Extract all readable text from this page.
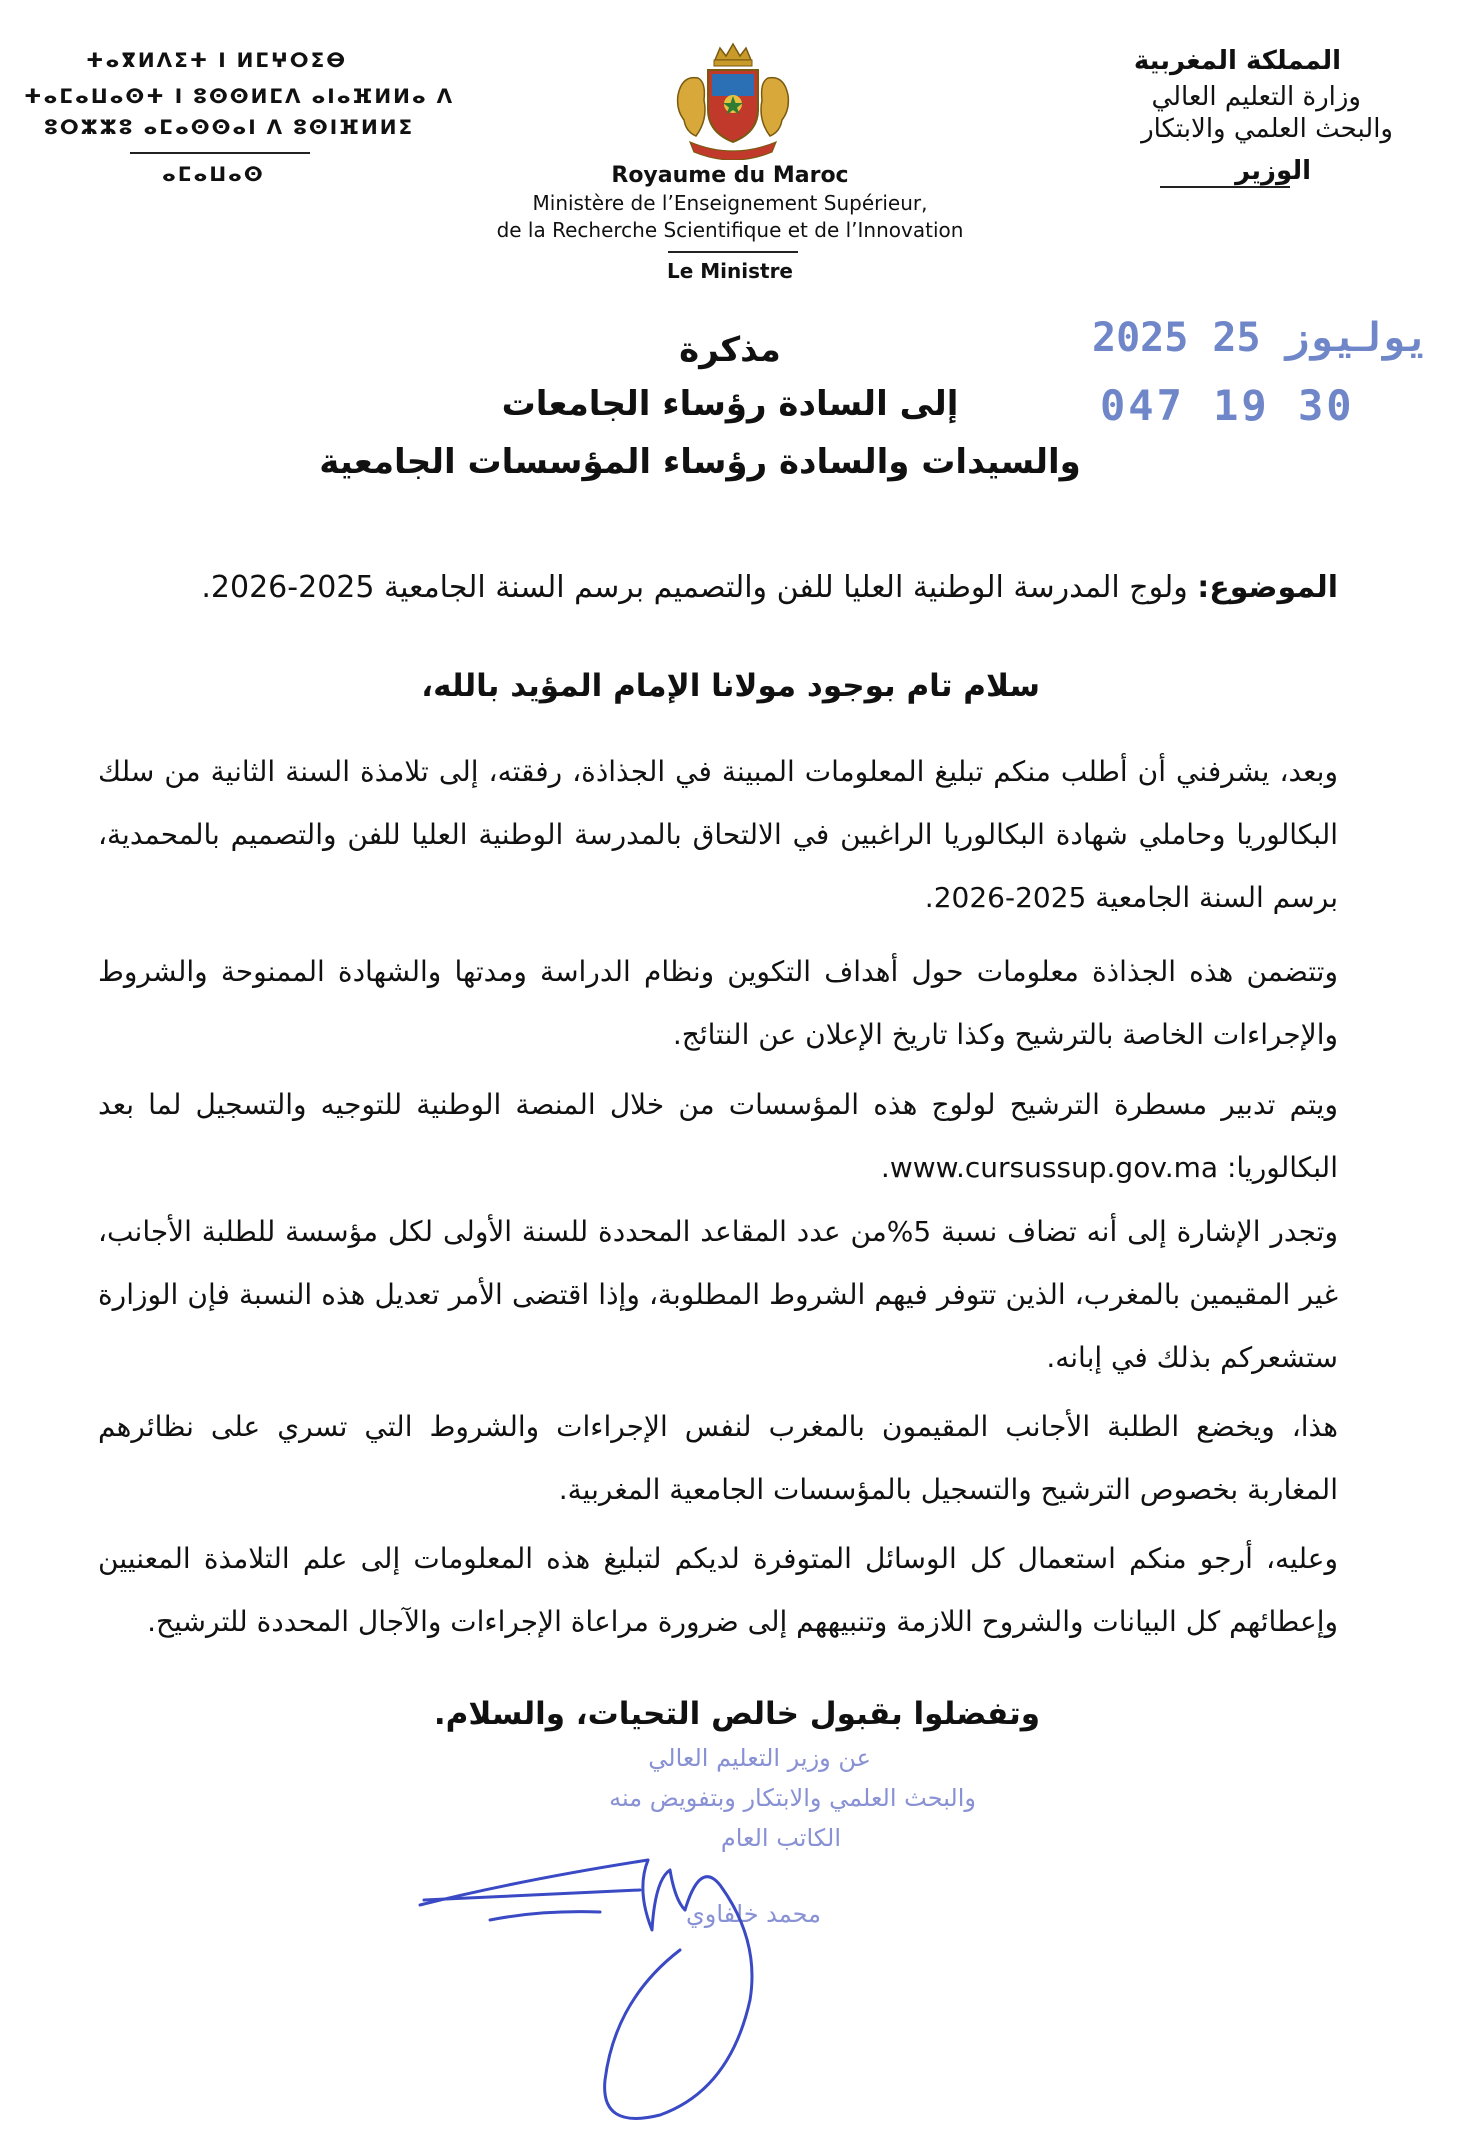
ⵜⴰⴳⵍⴷⵉⵜ ⵏ ⵍⵎⵖⵔⵉⴱ
ⵜⴰⵎⴰⵡⴰⵙⵜ ⵏ ⵓⵙⵙⵍⵎⴷ ⴰⵏⴰⴼⵍⵍⴰ ⴷ
ⵓⵔⵣⵣⵓ ⴰⵎⴰⵙⵙⴰⵏ ⴷ ⵓⵙⵏⴼⵍⵍⵉ
ⴰⵎⴰⵡⴰⵙ	Royaume du Maroc
Ministère de l’Enseignement Supérieur,
de la Recherche Scientifique et de l’Innovation
Le Ministre
المملكة المغربية
وزارة التعليم العالي
والبحث العلمي والابتكار
الوزير
2025 يوليوز 25
047 19 30
مذكرة
إلى السادة رؤساء الجامعات
والسيدات والسادة رؤساء المؤسسات الجامعية
الموضوع: ولوج المدرسة الوطنية العليا للفن والتصميم برسم السنة الجامعية 2025-2026.
سلام تام بوجود مولانا الإمام المؤيد بالله،
وبعد، يشرفني أن أطلب منكم تبليغ المعلومات المبينة في الجذاذة، رفقته، إلى تلامذة السنة الثانية من سلك البكالوريا وحاملي شهادة البكالوريا الراغبين في الالتحاق بالمدرسة الوطنية العليا للفن والتصميم بالمحمدية، برسم السنة الجامعية 2025-2026.
وتتضمن هذه الجذاذة معلومات حول أهداف التكوين ونظام الدراسة ومدتها والشهادة الممنوحة والشروط والإجراءات الخاصة بالترشيح وكذا تاريخ الإعلان عن النتائج.
ويتم تدبير مسطرة الترشيح لولوج هذه المؤسسات من خلال المنصة الوطنية للتوجيه والتسجيل لما بعد البكالوريا: www.cursussup.gov.ma.
وتجدر الإشارة إلى أنه تضاف نسبة 5%من عدد المقاعد المحددة للسنة الأولى لكل مؤسسة للطلبة الأجانب، غير المقيمين بالمغرب، الذين تتوفر فيهم الشروط المطلوبة، وإذا اقتضى الأمر تعديل هذه النسبة فإن الوزارة ستشعركم بذلك في إبانه.
هذا، ويخضع الطلبة الأجانب المقيمون بالمغرب لنفس الإجراءات والشروط التي تسري على نظائرهم المغاربة بخصوص الترشيح والتسجيل بالمؤسسات الجامعية المغربية.
وعليه، أرجو منكم استعمال كل الوسائل المتوفرة لديكم لتبليغ هذه المعلومات إلى علم التلامذة المعنيين وإعطائهم كل البيانات والشروح اللازمة وتنبيههم إلى ضرورة مراعاة الإجراءات والآجال المحددة للترشيح.
وتفضلوا بقبول خالص التحيات، والسلام.
عن وزير التعليم العالي
والبحث العلمي والابتكار وبتفويض منه
الكاتب العام
محمد خلفاوي
